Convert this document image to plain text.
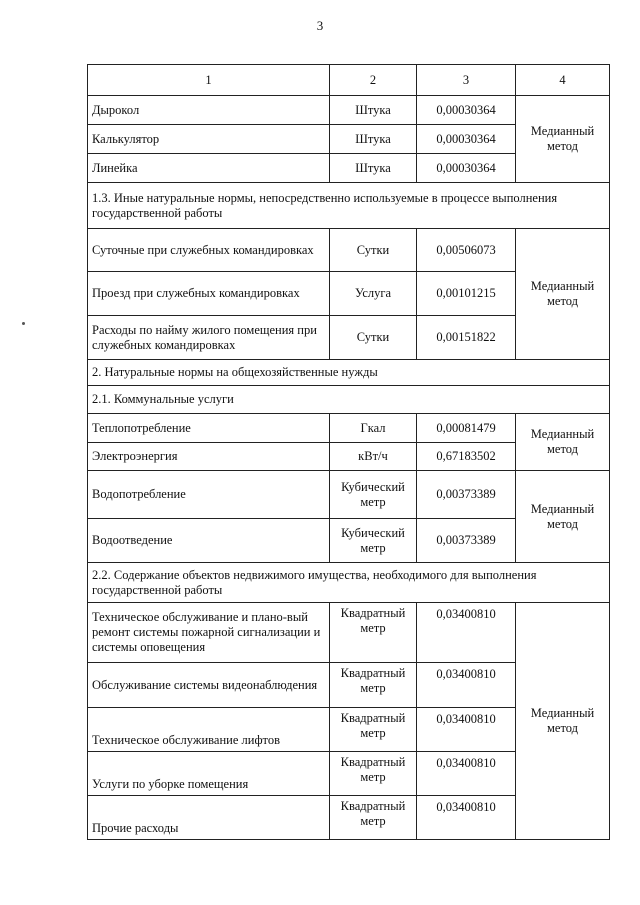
3
1	2	3	4
Дырокол	Штука	0,00030364	Медианный метод
Калькулятор	Штука	0,00030364	
Линейка	Штука	0,00030364	
1.3. Иные натуральные нормы, непосредственно используемые в процессе выполнения государственной работы			
Суточные при служебных командировках	Сутки	0,00506073	Медианный метод
Проезд при служебных командировках	Услуга	0,00101215	
Расходы по найму жилого помещения при служебных командировках	Сутки	0,00151822	
2. Натуральные нормы на общехозяйственные нужды			
2.1. Коммунальные услуги			
Теплопотребление	Гкал	0,00081479	Медианный метод
Электроэнергия	кВт/ч	0,67183502	
Водопотребление	Кубический метр	0,00373389	Медианный метод
Водоотведение	Кубический метр	0,00373389	
2.2. Содержание объектов недвижимого имущества, необходимого для выполнения государственной работы			
Техническое обслуживание и плано-вый ремонт системы пожарной сигнализации и системы оповещения	Квадратный метр	0,03400810	Медианный метод
Обслуживание системы видеонаблюдения	Квадратный метр	0,03400810	
Техническое обслуживание лифтов	Квадратный метр	0,03400810	
Услуги по уборке помещения	Квадратный метр	0,03400810	
Прочие расходы	Квадратный метр	0,03400810	
